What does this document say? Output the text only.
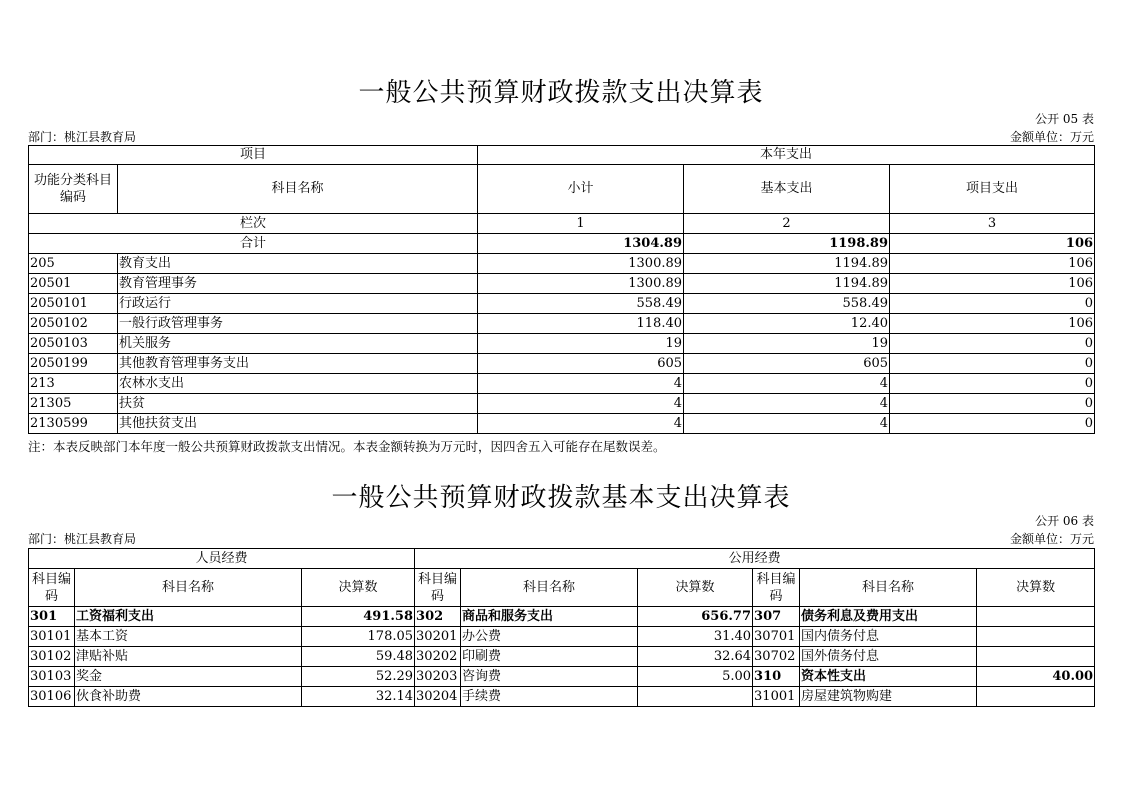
一般公共预算财政拨款支出决算表
公开 05 表
部门：桃江县教育局	金额单位：万元
项目		本年支出		
功能分类科目编码	科目名称	小计	基本支出	项目支出
栏次		1	2	3
合计		1304.89	1198.89	106
205	教育支出	1300.89	1194.89	106
20501	教育管理事务	1300.89	1194.89	106
2050101	行政运行	558.49	558.49	0
2050102	一般行政管理事务	118.40	12.40	106
2050103	机关服务	19	19	0
2050199	其他教育管理事务支出	605	605	0
213	农林水支出	4	4	0
21305	扶贫	4	4	0
2130599	其他扶贫支出	4	4	0
注：本表反映部门本年度一般公共预算财政拨款支出情况。本表金额转换为万元时，因四舍五入可能存在尾数误差。
一般公共预算财政拨款基本支出决算表
公开 06 表
部门：桃江县教育局	金额单位：万元
人员经费			公用经费					
科目编码	科目名称	决算数	科目编码	科目名称	决算数	科目编码	科目名称	决算数
301	工资福利支出	491.58	302	商品和服务支出	656.77	307	债务利息及费用支出	
30101	基本工资	178.05	30201	办公费	31.40	30701	国内债务付息	
30102	津贴补贴	59.48	30202	印刷费	32.64	30702	国外债务付息	
30103	奖金	52.29	30203	咨询费	5.00	310	资本性支出	40.00
30106	伙食补助费	32.14	30204	手续费		31001	房屋建筑物购建	
